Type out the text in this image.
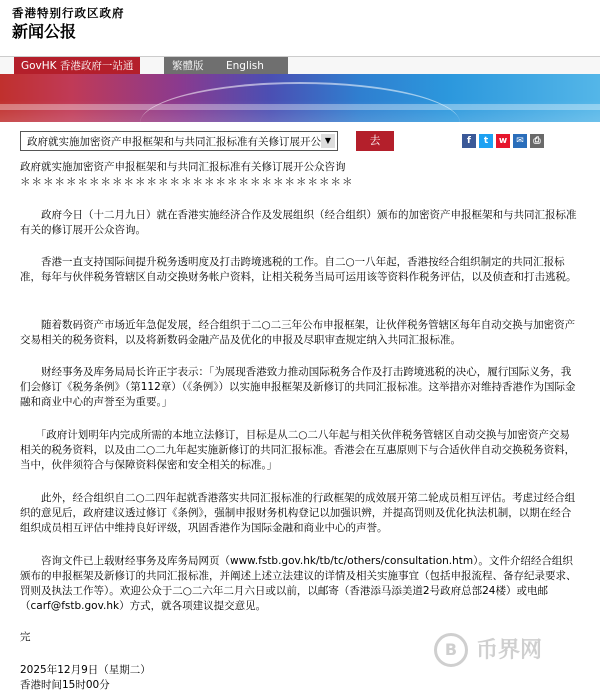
香港特别行政区政府
新闻公报
GovHK 香港政府一站通	繁體版	English
政府就实施加密资产申报框架和与共同汇报标准有关修订展开公 ▼	去	f	t	w	✉	⎙

政府就实施加密资产申报框架和与共同汇报标准有关修订展开公众咨询

＊＊＊＊＊＊＊＊＊＊＊＊＊＊＊＊＊＊＊＊＊＊＊＊＊＊＊＊＊

　　政府今日（十二月九日）就在香港实施经济合作及发展组织（经合组织）颁布的加密资产申报框架和与共同汇报标准有关的修订展开公众咨询。

　　香港一直支持国际间提升税务透明度及打击跨境逃税的工作。自二○一八年起，香港按经合组织制定的共同汇报标准，每年与伙伴税务管辖区自动交换财务帐户资料，让相关税务当局可运用该等资料作税务评估，以及侦查和打击逃税。

　　随着数码资产市场近年急促发展，经合组织于二○二三年公布申报框架，让伙伴税务管辖区每年自动交换与加密资产交易相关的税务资料，以及将新数码金融产品及优化的申报及尽职审查规定纳入共同汇报标准。

　　财经事务及库务局局长许正宇表示：「为展现香港致力推动国际税务合作及打击跨境逃税的决心，履行国际义务，我们会修订《税务条例》（第112章）（《条例》）以实施申报框架及新修订的共同汇报标准。这举措亦对维持香港作为国际金融和商业中心的声誉至为重要。」

　　「政府计划明年内完成所需的本地立法修订，目标是从二○二八年起与相关伙伴税务管辖区自动交换与加密资产交易相关的税务资料，以及由二○二九年起实施新修订的共同汇报标准。香港会在互惠原则下与合适伙伴自动交换税务资料，当中，伙伴须符合与保障资料保密和安全相关的标准。」

　　此外，经合组织自二○二四年起就香港落实共同汇报标准的行政框架的成效展开第二轮成员相互评估。考虑过经合组织的意见后，政府建议透过修订《条例》，强制申报财务机构登记以加强识辨，并提高罚则及优化执法机制，以期在经合组织成员相互评估中维持良好评级，巩固香港作为国际金融和商业中心的声誉。

　　咨询文件已上载财经事务及库务局网页（www.fstb.gov.hk/tb/tc/others/consultation.htm）。文件介绍经合组织颁布的申报框架及新修订的共同汇报标准，并阐述上述立法建议的详情及相关实施事宜（包括申报流程、备存纪录要求、罚则及执法工作等）。欢迎公众于二○二六年二月六日或以前，以邮寄（香港添马添美道2号政府总部24楼）或电邮（carf@fstb.gov.hk）方式，就各项建议提交意见。

完

2025年12月9日（星期二）

香港时间15时00分

B 币界网
